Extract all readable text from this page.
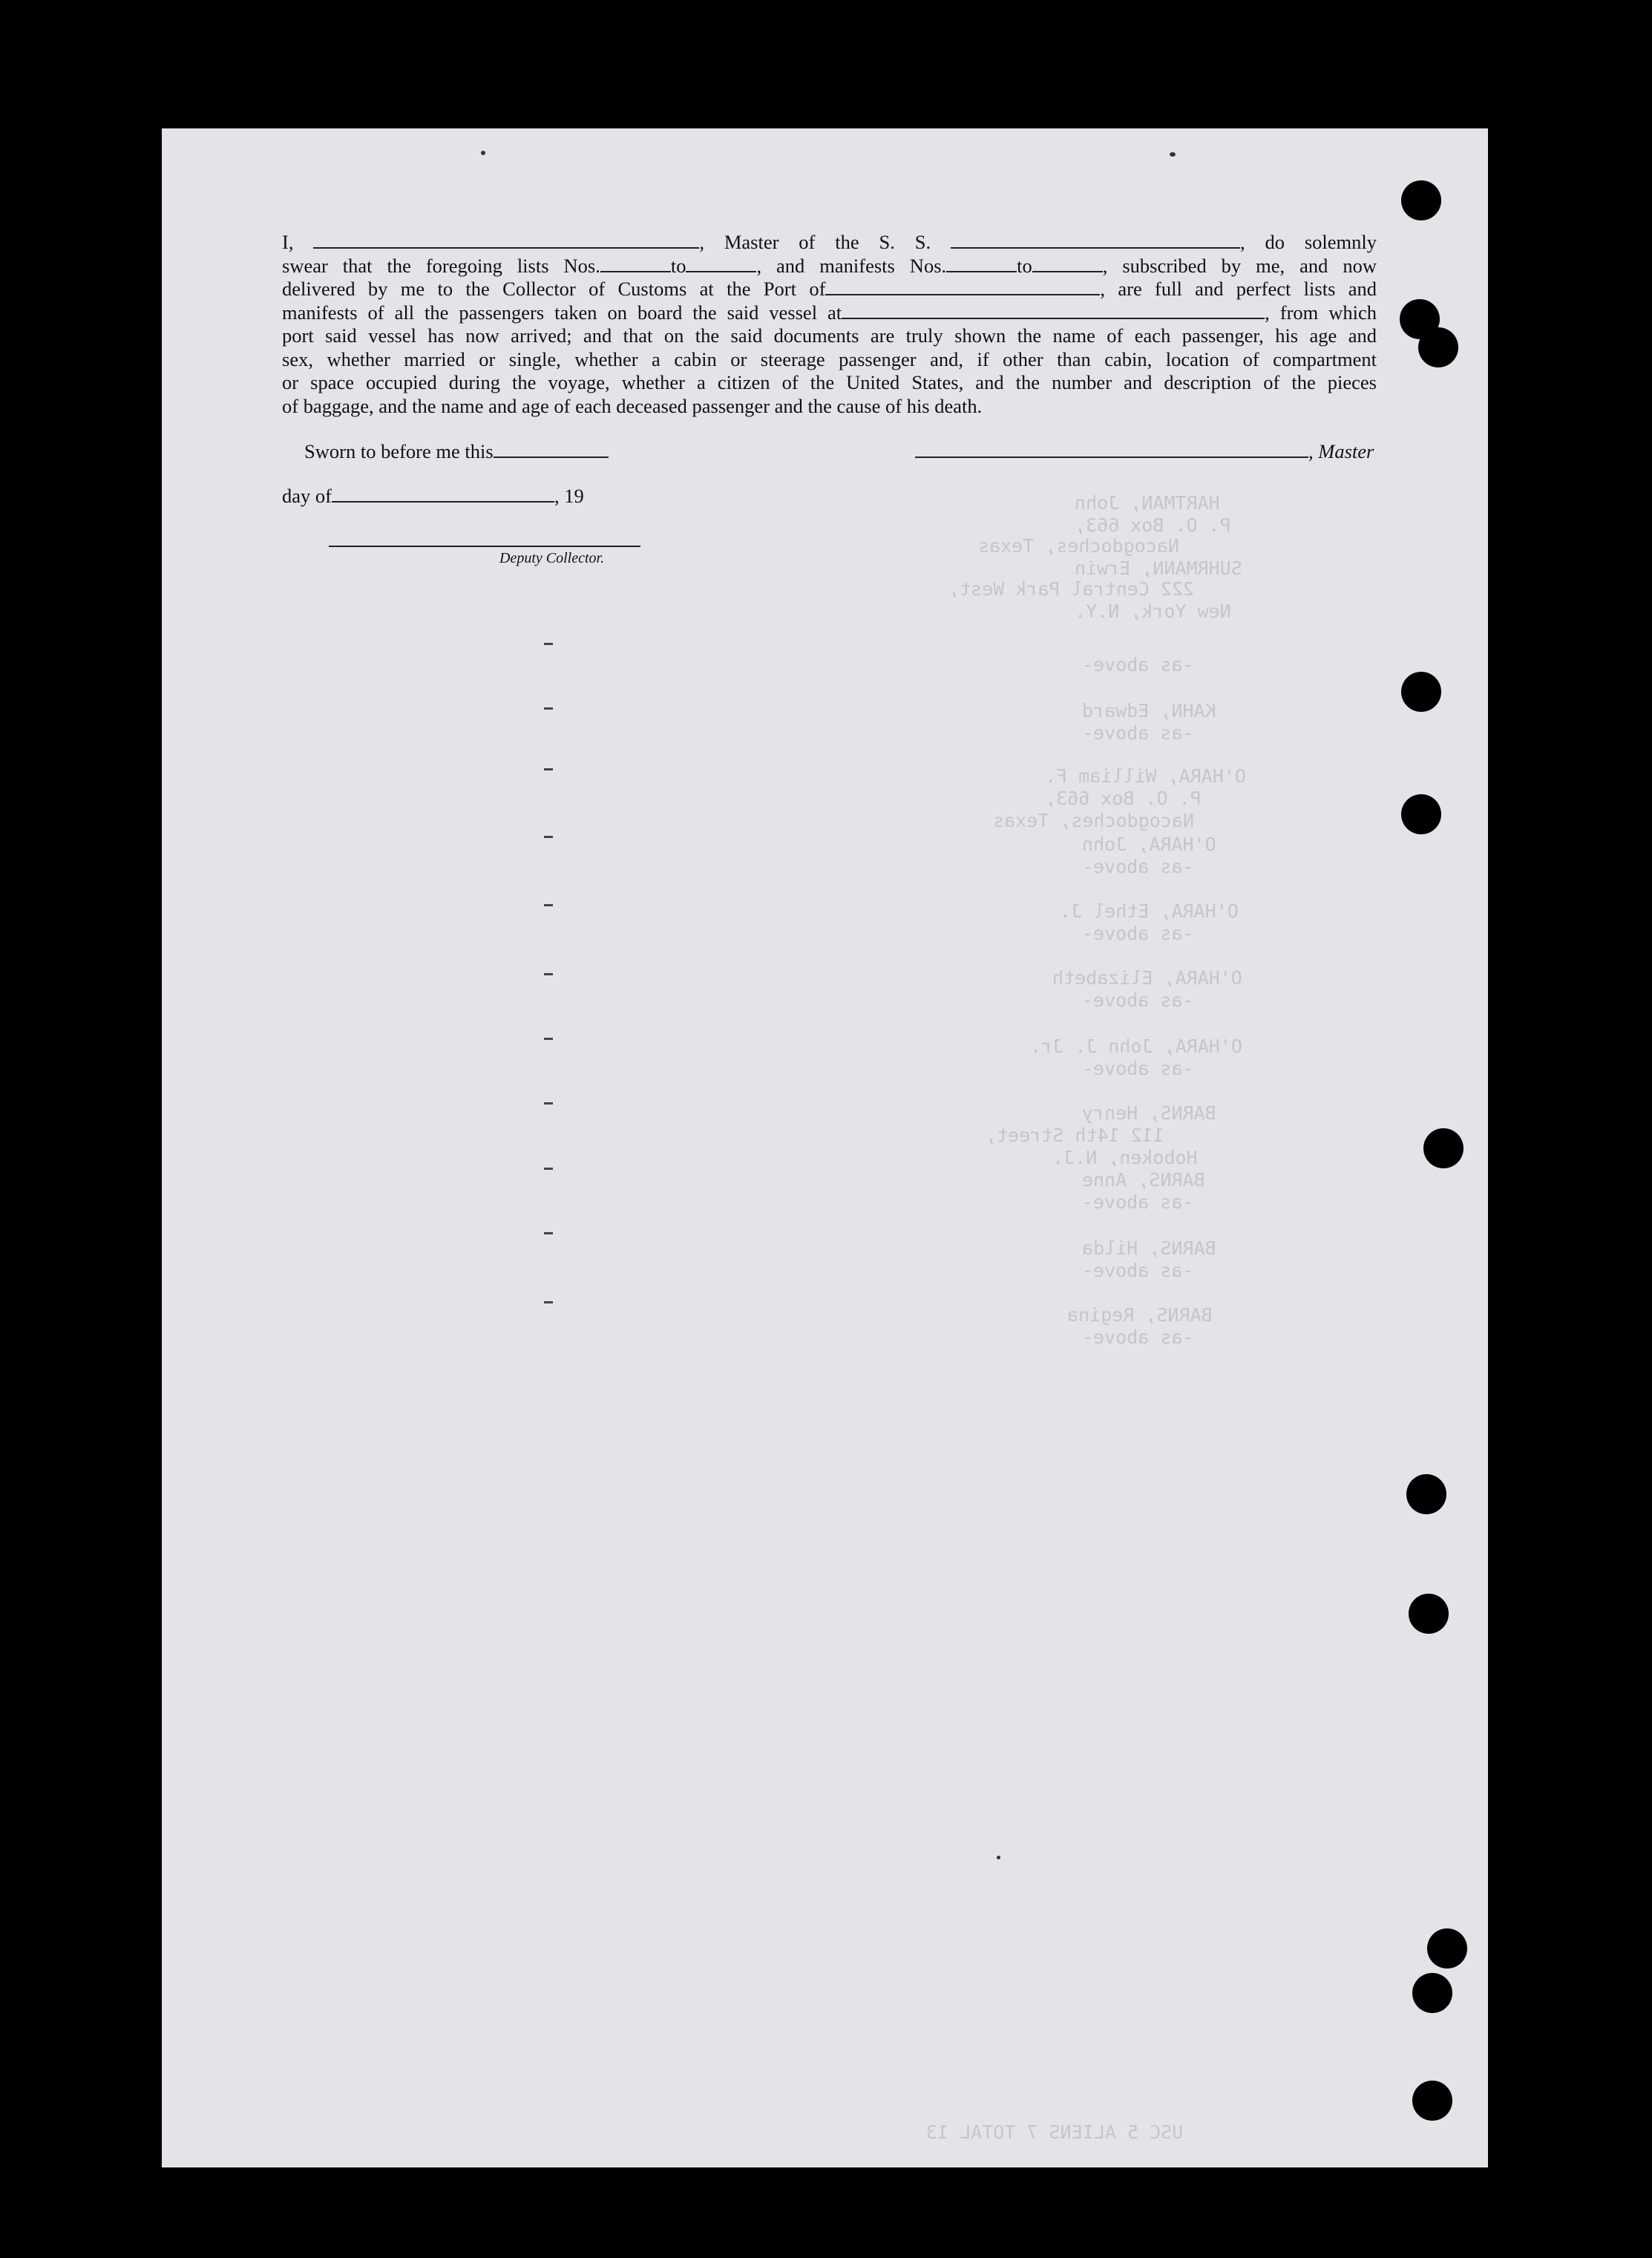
I,	, Master of the S. S.	, do solemnly
swear that the foregoing lists Nos.	to	, and manifests Nos.	to	, subscribed by me, and now
delivered by me to the Collector of Customs at the Port of	, are full and perfect lists and
manifests of all the passengers taken on board the said vessel at	, from which
port said vessel has now arrived; and that on the said documents are truly shown the name of each passenger, his age and
sex, whether married or single, whether a cabin or steerage passenger and, if other than cabin, location of compartment
or space occupied during the voyage, whether a citizen of the United States, and the number and description of the pieces
of baggage, and the name and age of each deceased passenger and the cause of his death.
Sworn to before me this	, Master
day of	, 19
Deputy Collector.
HARTMAN, John
P. O. Box 663,
Nacogdoches, Texas
SUHRMANN, Erwin
222 Central Park West,
New York, N.Y.
-as above-
KAHN, Edward
-as above-
O'HARA, William F.
P. O. Box 663,
Nacogdoches, Texas
O'HARA, John
-as above-
O'HARA, Ethel J.
-as above-
O'HARA, Elizabeth
-as above-
O'HARA, John J. Jr.
-as above-
BARNS, Henry
112 14th Street,
Hoboken, N.J.
BARNS, Anne
-as above-
BARNS, Hilda
-as above-
BARNS, Regina
-as above-
USC 5 ALIENS 7 TOTAL 13
